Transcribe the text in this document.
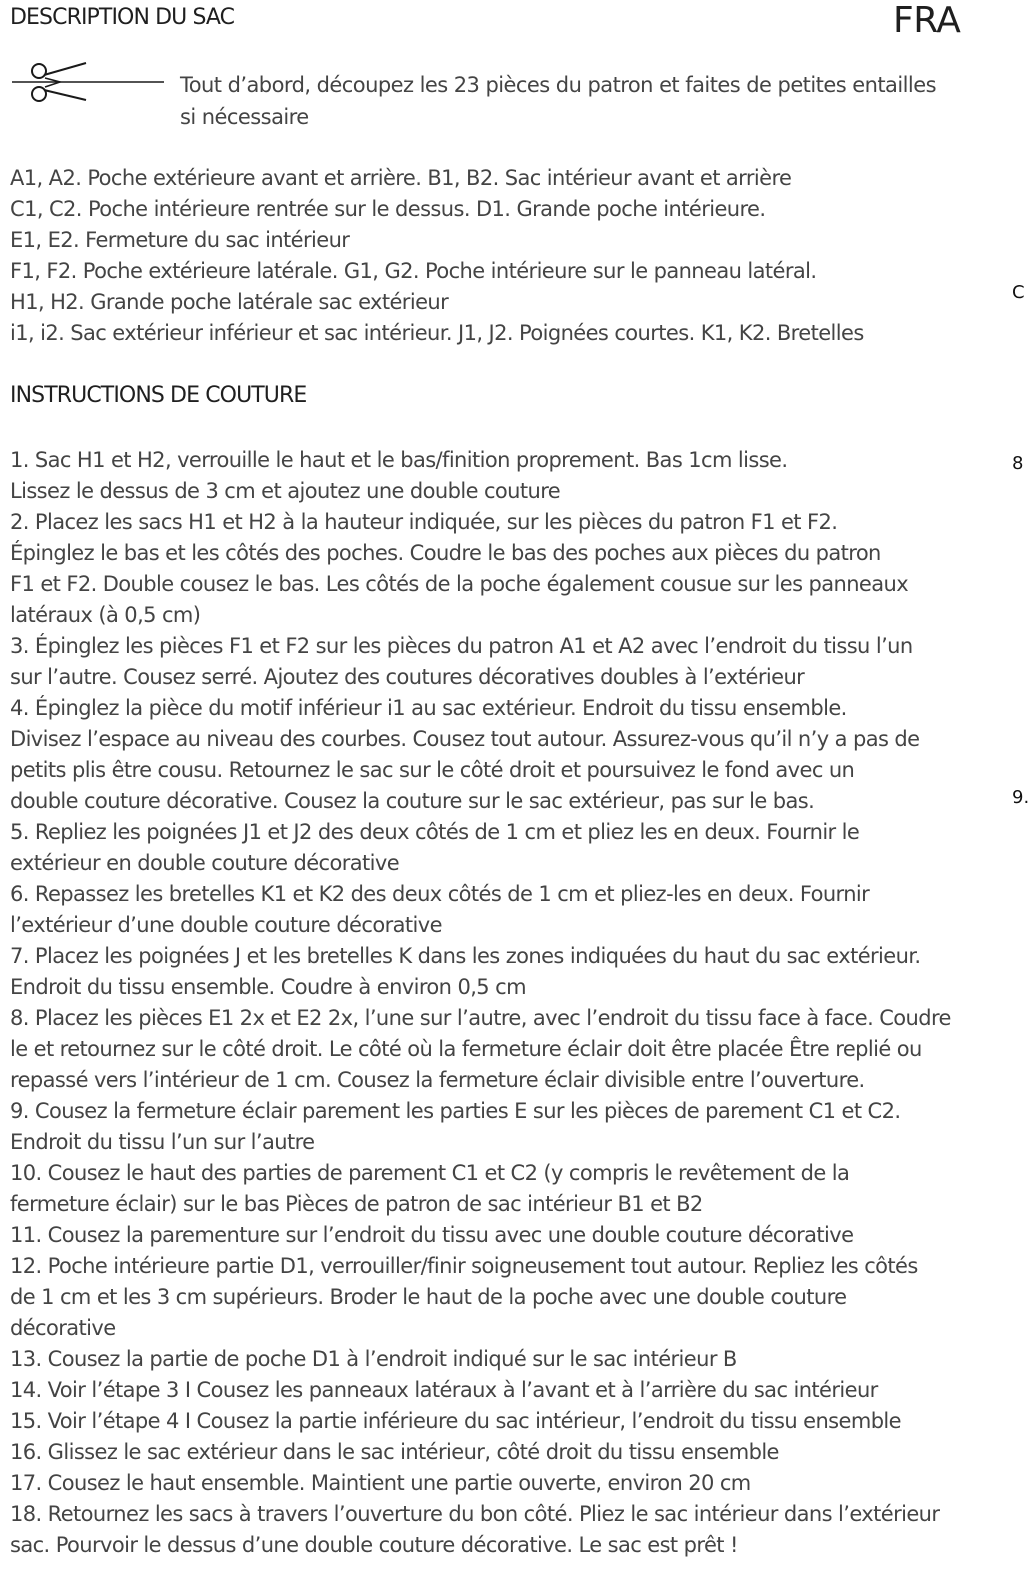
DESCRIPTION DU SAC	FRA
Tout d’abord, découpez les 23 pièces du patron et faites de petites entailles
si nécessaire
A1, A2. Poche extérieure avant et arrière. B1, B2. Sac intérieur avant et arrière
C1, C2. Poche intérieure rentrée sur le dessus. D1. Grande poche intérieure.
E1, E2. Fermeture du sac intérieur
F1, F2. Poche extérieure latérale. G1, G2. Poche intérieure sur le panneau latéral.
H1, H2. Grande poche latérale sac extérieur
i1, i2. Sac extérieur inférieur et sac intérieur. J1, J2. Poignées courtes. K1, K2. Bretelles
INSTRUCTIONS DE COUTURE
1. Sac H1 et H2, verrouille le haut et le bas/finition proprement. Bas 1cm lisse.
Lissez le dessus de 3 cm et ajoutez une double couture
2. Placez les sacs H1 et H2 à la hauteur indiquée, sur les pièces du patron F1 et F2.
Épinglez le bas et les côtés des poches. Coudre le bas des poches aux pièces du patron
F1 et F2. Double cousez le bas. Les côtés de la poche également cousue sur les panneaux
latéraux (à 0,5 cm)
3. Épinglez les pièces F1 et F2 sur les pièces du patron A1 et A2 avec l’endroit du tissu l’un
sur l’autre. Cousez serré. Ajoutez des coutures décoratives doubles à l’extérieur
4. Épinglez la pièce du motif inférieur i1 au sac extérieur. Endroit du tissu ensemble.
Divisez l’espace au niveau des courbes. Cousez tout autour. Assurez-vous qu’il n’y a pas de
petits plis être cousu. Retournez le sac sur le côté droit et poursuivez le fond avec un
double couture décorative. Cousez la couture sur le sac extérieur, pas sur le bas.
5. Repliez les poignées J1 et J2 des deux côtés de 1 cm et pliez les en deux. Fournir le
extérieur en double couture décorative
6. Repassez les bretelles K1 et K2 des deux côtés de 1 cm et pliez-les en deux. Fournir
l’extérieur d’une double couture décorative
7. Placez les poignées J et les bretelles K dans les zones indiquées du haut du sac extérieur.
Endroit du tissu ensemble. Coudre à environ 0,5 cm
8. Placez les pièces E1 2x et E2 2x, l’une sur l’autre, avec l’endroit du tissu face à face. Coudre
le et retournez sur le côté droit. Le côté où la fermeture éclair doit être placée Être replié ou
repassé vers l’intérieur de 1 cm. Cousez la fermeture éclair divisible entre l’ouverture.
9. Cousez la fermeture éclair parement les parties E sur les pièces de parement C1 et C2.
Endroit du tissu l’un sur l’autre
10. Cousez le haut des parties de parement C1 et C2 (y compris le revêtement de la
fermeture éclair) sur le bas Pièces de patron de sac intérieur B1 et B2
11. Cousez la parementure sur l’endroit du tissu avec une double couture décorative
12. Poche intérieure partie D1, verrouiller/finir soigneusement tout autour. Repliez les côtés
de 1 cm et les 3 cm supérieurs. Broder le haut de la poche avec une double couture
décorative
13. Cousez la partie de poche D1 à l’endroit indiqué sur le sac intérieur B
14. Voir l’étape 3 I Cousez les panneaux latéraux à l’avant et à l’arrière du sac intérieur
15. Voir l’étape 4 I Cousez la partie inférieure du sac intérieur, l’endroit du tissu ensemble
16. Glissez le sac extérieur dans le sac intérieur, côté droit du tissu ensemble
17. Cousez le haut ensemble. Maintient une partie ouverte, environ 20 cm
18. Retournez les sacs à travers l’ouverture du bon côté. Pliez le sac intérieur dans l’extérieur
sac. Pourvoir le dessus d’une double couture décorative. Le sac est prêt !
C
8
9.
